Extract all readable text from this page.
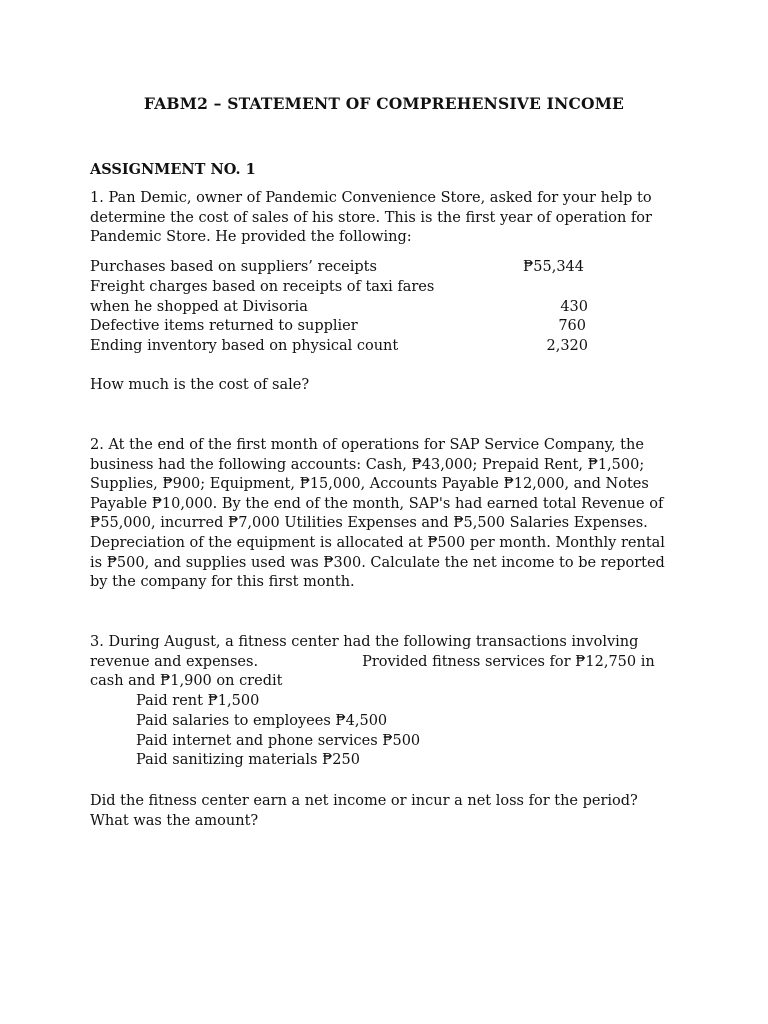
FABM2 – STATEMENT OF COMPREHENSIVE INCOME
ASSIGNMENT NO. 1

1. Pan Demic, owner of Pandemic Convenience Store, asked for your help to determine the cost of sales of his store. This is the first year of operation for Pandemic Store. He provided the following:

Purchases based on suppliers’ receipts	₱55,344
Freight charges based on receipts of taxi fares
when he shopped at Divisoria	430
Defective items returned to supplier	760
Ending inventory based on physical count	2,320

How much is the cost of sale?

2. At the end of the first month of operations for SAP Service Company, the business had the following accounts: Cash, ₱43,000; Prepaid Rent, ₱1,500; Supplies, ₱900; Equipment, ₱15,000, Accounts Payable ₱12,000, and Notes Payable ₱10,000. By the end of the month, SAP's had earned total Revenue of ₱55,000, incurred ₱7,000 Utilities Expenses and ₱5,500 Salaries Expenses. Depreciation of the equipment is allocated at ₱500 per month. Monthly rental is ₱500, and supplies used was ₱300. Calculate the net income to be reported by the company for this first month.

3. During August, a fitness center had the following transactions involving revenue and expenses.	Provided fitness services for ₱12,750 in cash and ₱1,900 on credit

Paid rent ₱1,500
Paid salaries to employees ₱4,500
Paid internet and phone services ₱500
Paid sanitizing materials ₱250

Did the fitness center earn a net income or incur a net loss for the period? What was the amount?
